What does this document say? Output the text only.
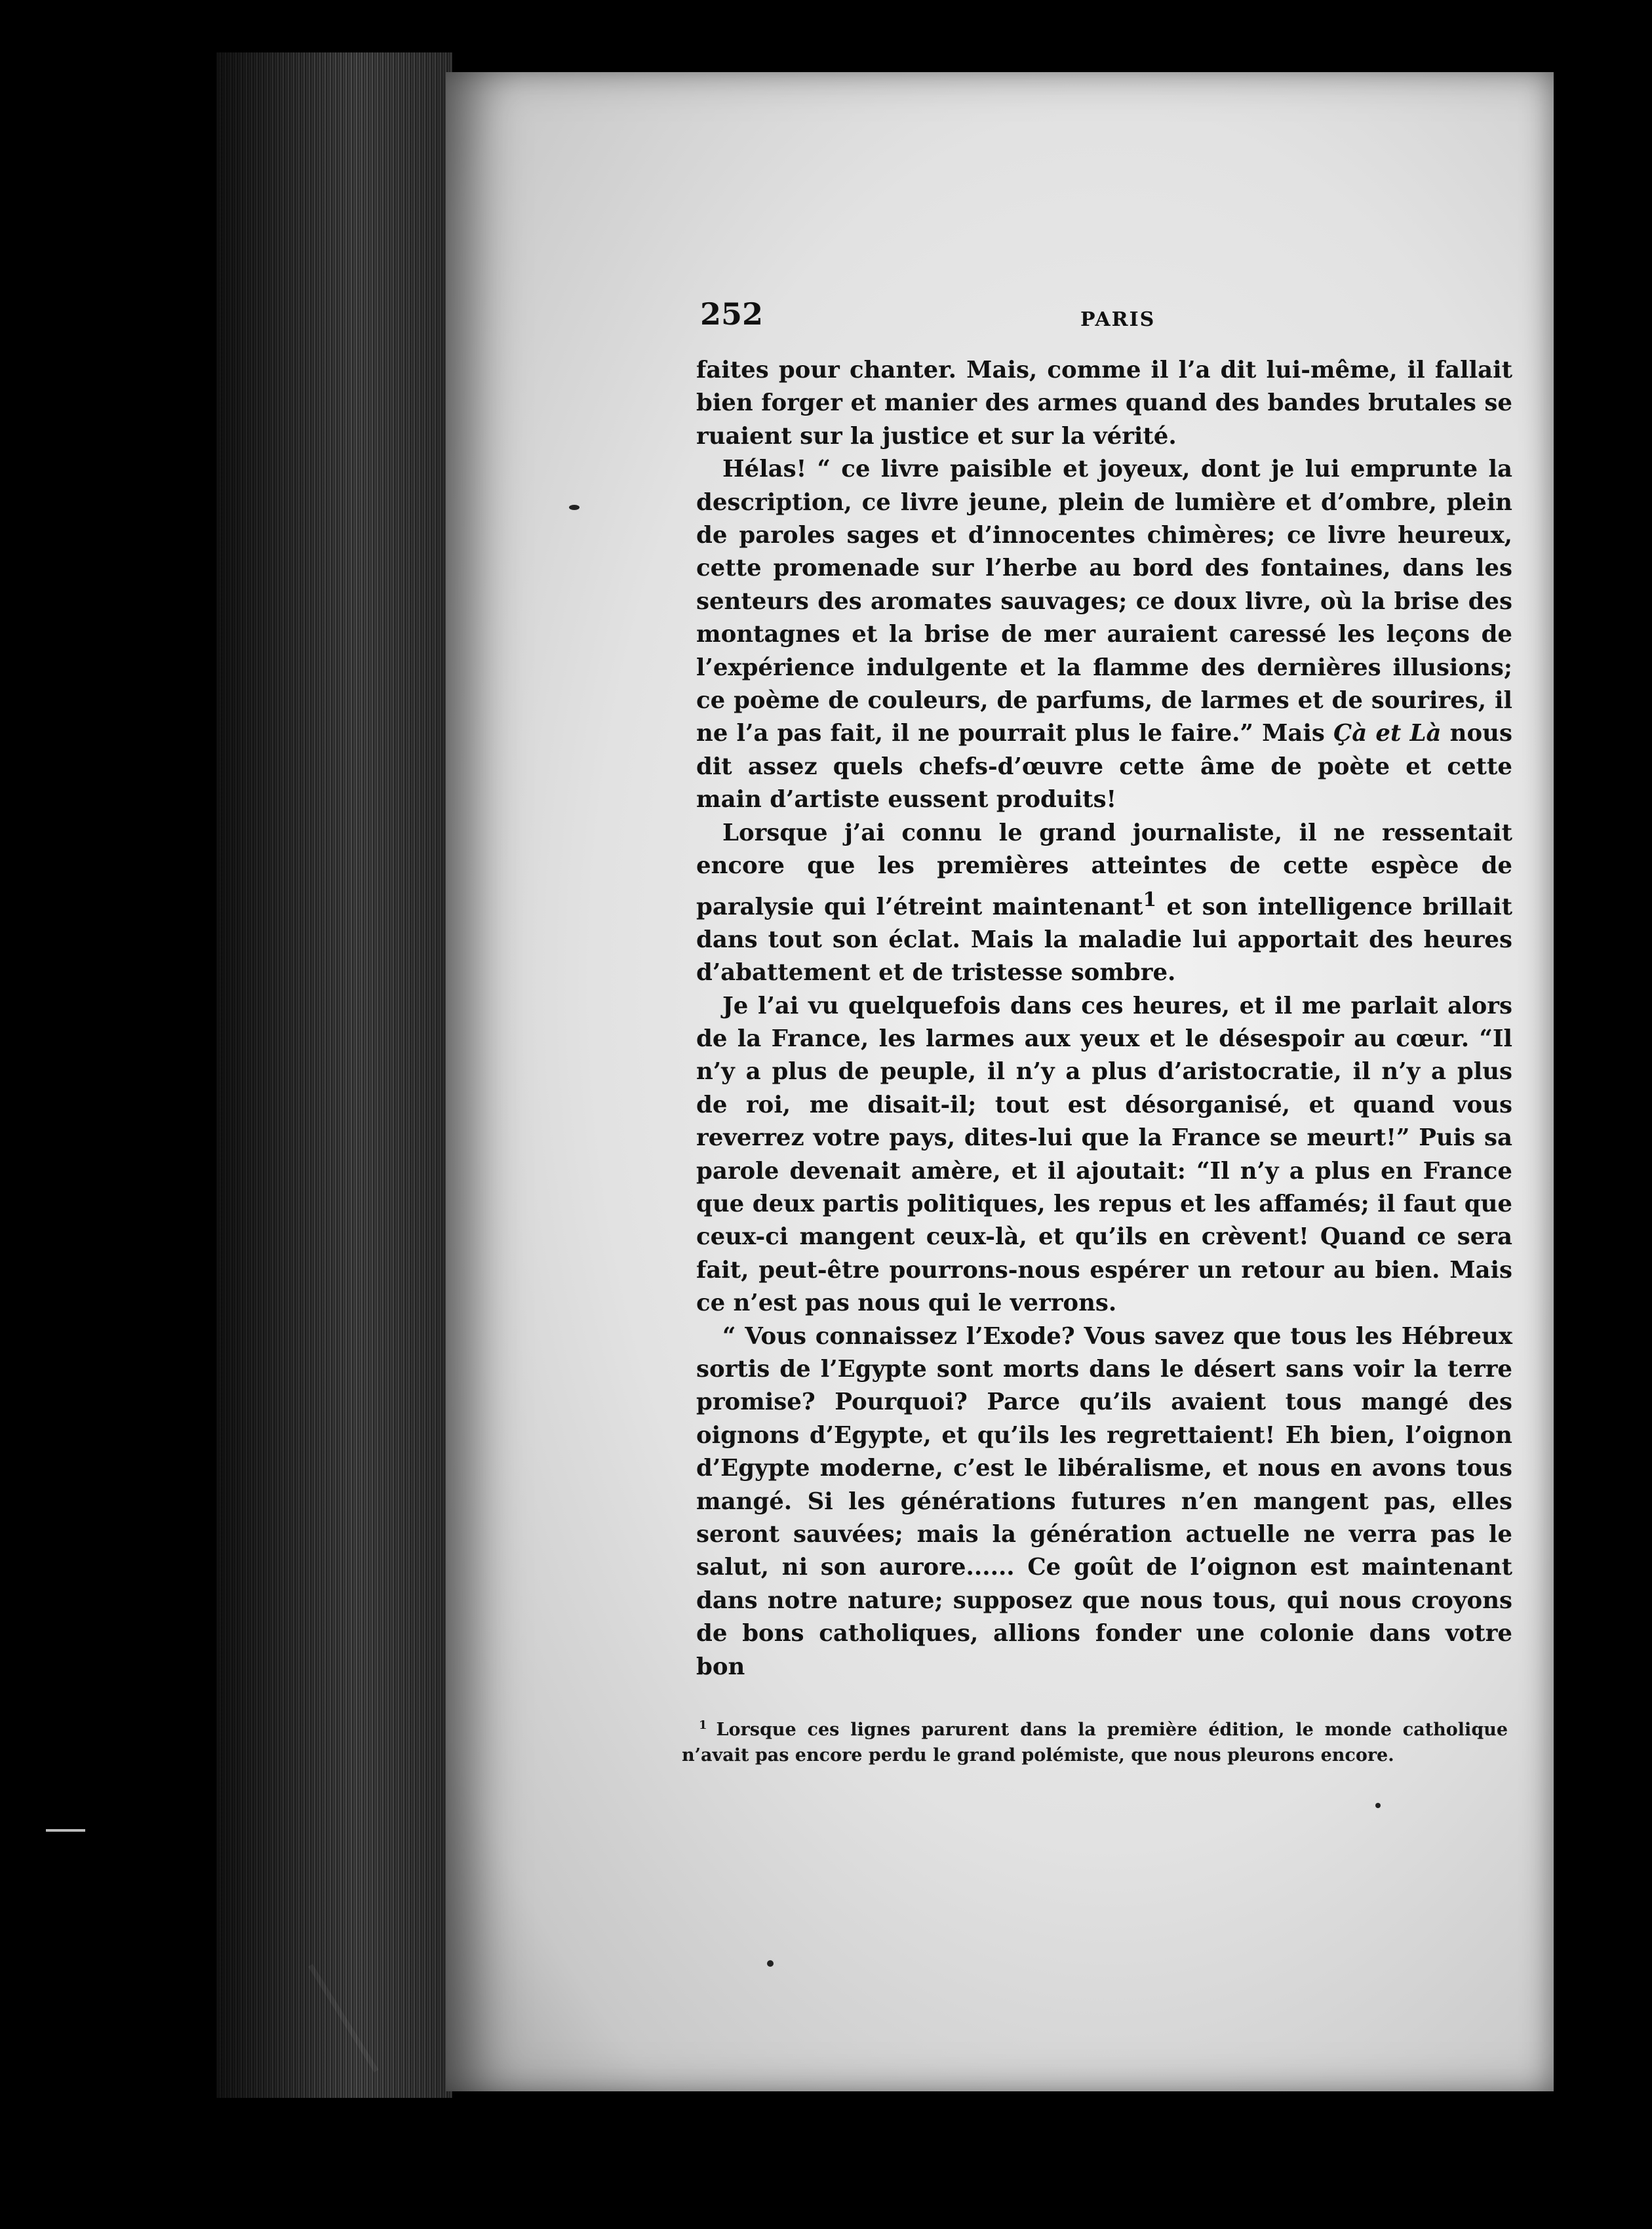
252	PARIS

faites pour chanter. Mais, comme il l’a dit lui-même, il fallait bien forger et manier des armes quand des bandes brutales se ruaient sur la justice et sur la vérité.

Hélas! “ ce livre paisible et joyeux, dont je lui emprunte la description, ce livre jeune, plein de lumière et d’ombre, plein de paroles sages et d’innocentes chimères; ce livre heureux, cette promenade sur l’herbe au bord des fontaines, dans les senteurs des aromates sauvages; ce doux livre, où la brise des montagnes et la brise de mer auraient caressé les leçons de l’expérience indulgente et la flamme des dernières illusions; ce poème de couleurs, de parfums, de larmes et de sourires, il ne l’a pas fait, il ne pourrait plus le faire.” Mais Çà et Là nous dit assez quels chefs-d’œuvre cette âme de poète et cette main d’artiste eussent produits!

Lorsque j’ai connu le grand journaliste, il ne ressentait encore que les premières atteintes de cette espèce de paralysie qui l’étreint maintenant$^1$ et son intelligence brillait dans tout son éclat. Mais la maladie lui apportait des heures d’abattement et de tristesse sombre.

Je l’ai vu quelquefois dans ces heures, et il me parlait alors de la France, les larmes aux yeux et le désespoir au cœur. “Il n’y a plus de peuple, il n’y a plus d’aristocratie, il n’y a plus de roi, me disait-il; tout est désorganisé, et quand vous reverrez votre pays, dites-lui que la France se meurt!” Puis sa parole devenait amère, et il ajoutait: “Il n’y a plus en France que deux partis politiques, les repus et les affamés; il faut que ceux-ci mangent ceux-là, et qu’ils en crèvent! Quand ce sera fait, peut-être pourrons-nous espérer un retour au bien. Mais ce n’est pas nous qui le verrons.

“ Vous connaissez l’Exode? Vous savez que tous les Hébreux sortis de l’Egypte sont morts dans le désert sans voir la terre promise? Pourquoi? Parce qu’ils avaient tous mangé des oignons d’Egypte, et qu’ils les regrettaient! Eh bien, l’oignon d’Egypte moderne, c’est le libéralisme, et nous en avons tous mangé. Si les générations futures n’en mangent pas, elles seront sauvées; mais la génération actuelle ne verra pas le salut, ni son aurore...... Ce goût de l’oignon est maintenant dans notre nature; supposez que nous tous, qui nous croyons de bons catholiques, allions fonder une colonie dans votre bon

$^1$ Lorsque ces lignes parurent dans la première édition, le monde catholique n’avait pas encore perdu le grand polémiste, que nous pleurons encore.
